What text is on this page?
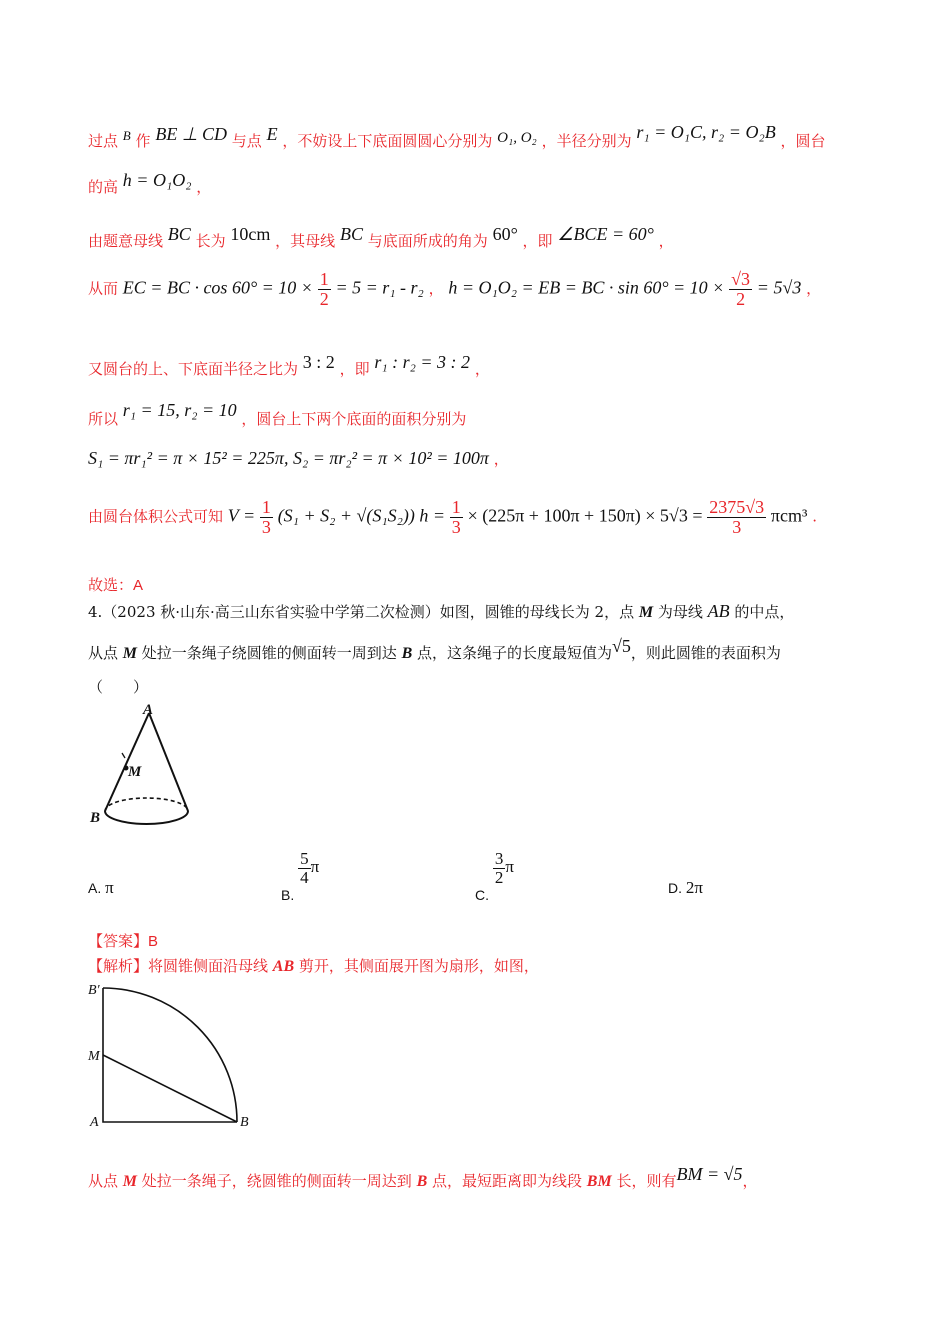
过点 B 作 BE ⊥ CD 与点 E ，不妨设上下底面圆圆心分别为 O₁, O₂ ，半径分别为 r₁ = O₁C, r₂ = O₂B ，圆台
的高 h = O₁O₂ ，
由题意母线 BC 长为 10cm ，其母线 BC 与底面所成的角为 60° ，即 ∠BCE = 60° ，
从而 EC = BC · $\cos 60^\circ = 10 \times \frac{1}{2} = 5 = r_1 - r_2$ ， h = O₁O₂ = EB = BC · $\sin 60^\circ = 10 \times \frac{√3}{2} = 5√3$ ，
又圆台的上、下底面半径之比为 3 : 2 ，即 r₁ : r₂ = 3 : 2 ，
所以 r₁ = 15, r₂ = 10 ，圆台上下两个底面的面积分别为
S₁ = πr₁² = π × 15² = 225π, S₂ = πr₂² = π × 10² = 100π ，
由圆台体积公式可知 $V = \frac{1}{3} (S_1 + S_2 + √(S_1S_2)) h = \frac{1}{3} \times (225\pi + 100\pi + 150\pi) \times 5√3 = \frac{2375√3}{3} \pi cm^3$ .
故选：A
4.（2023 秋·山东·高三山东省实验中学第二次检测）如图，圆锥的母线长为 2，点 M 为母线 AB 的中点，
从点 M 处拉一条绳子绕圆锥的侧面转一周到达 B 点，这条绳子的长度最短值为√5，则此圆锥的表面积为
（　　）
A
M
B
A. π	B.
$\frac{5}{4}$ π
C.
$\frac{3}{2}$ π
D. 2π
【答案】B
【解析】将圆锥侧面沿母线 AB 剪开，其侧面展开图为扇形，如图，
B′
M
A	B
从点 M 处拉一条绳子，绕圆锥的侧面转一周达到 B 点，最短距离即为线段 BM 长，则有BM = √5，
